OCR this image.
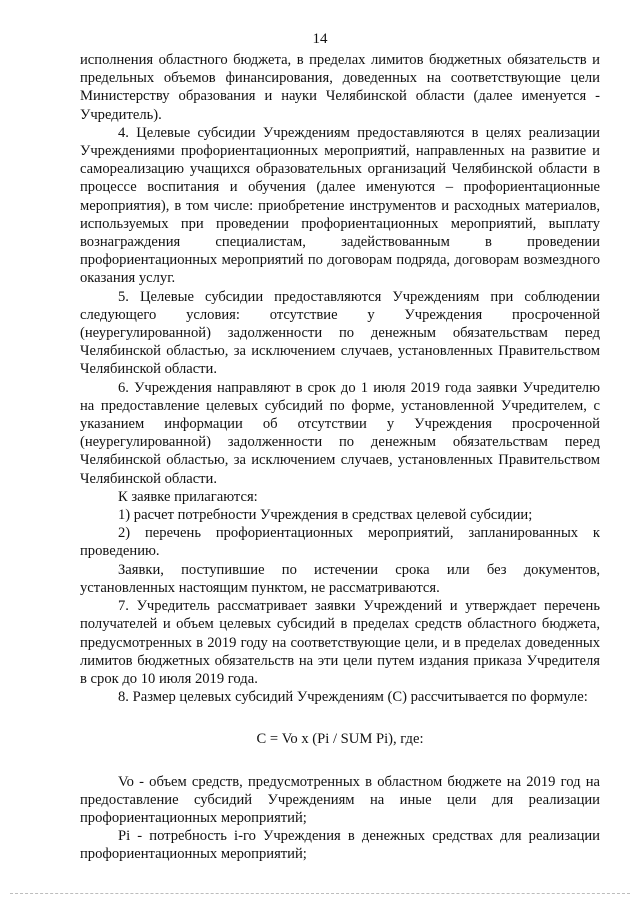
14

исполнения областного бюджета, в пределах лимитов бюджетных обязательств и предельных объемов финансирования, доведенных на соответствующие цели Министерству образования и науки Челябинской области (далее именуется - Учредитель).

4. Целевые субсидии Учреждениям предоставляются в целях реализации Учреждениями профориентационных мероприятий, направленных на развитие и самореализацию учащихся образовательных организаций Челябинской области в процессе воспитания и обучения (далее именуются – профориентационные мероприятия), в том числе: приобретение инструментов и расходных материалов, используемых при проведении профориентационных мероприятий, выплату вознаграждения специалистам, задействованным в проведении профориентационных мероприятий по договорам подряда, договорам возмездного оказания услуг.

5. Целевые субсидии предоставляются Учреждениям при соблюдении следующего условия: отсутствие у Учреждения просроченной (неурегулированной) задолженности по денежным обязательствам перед Челябинской областью, за исключением случаев, установленных Правительством Челябинской области.

6. Учреждения направляют в срок до 1 июля 2019 года заявки Учредителю на предоставление целевых субсидий по форме, установленной Учредителем, с указанием информации об отсутствии у Учреждения просроченной (неурегулированной) задолженности по денежным обязательствам перед Челябинской областью, за исключением случаев, установленных Правительством Челябинской области.

К заявке прилагаются:

1) расчет потребности Учреждения в средствах целевой субсидии;

2) перечень профориентационных мероприятий, запланированных к проведению.

Заявки, поступившие по истечении срока или без документов, установленных настоящим пунктом, не рассматриваются.

7. Учредитель рассматривает заявки Учреждений и утверждает перечень получателей и объем целевых субсидий в пределах средств областного бюджета, предусмотренных в 2019 году на соответствующие цели, и в пределах доведенных лимитов бюджетных обязательств на эти цели путем издания приказа Учредителя в срок до 10 июля 2019 года.

8. Размер целевых субсидий Учреждениям (С) рассчитывается по формуле:

С = Vo х (Pi / SUM Pi), где:

Vo - объем средств, предусмотренных в областном бюджете на 2019 год на предоставление субсидий Учреждениям на иные цели для реализации профориентационных мероприятий;

Pi - потребность i-го Учреждения в денежных средствах для реализации профориентационных мероприятий;
